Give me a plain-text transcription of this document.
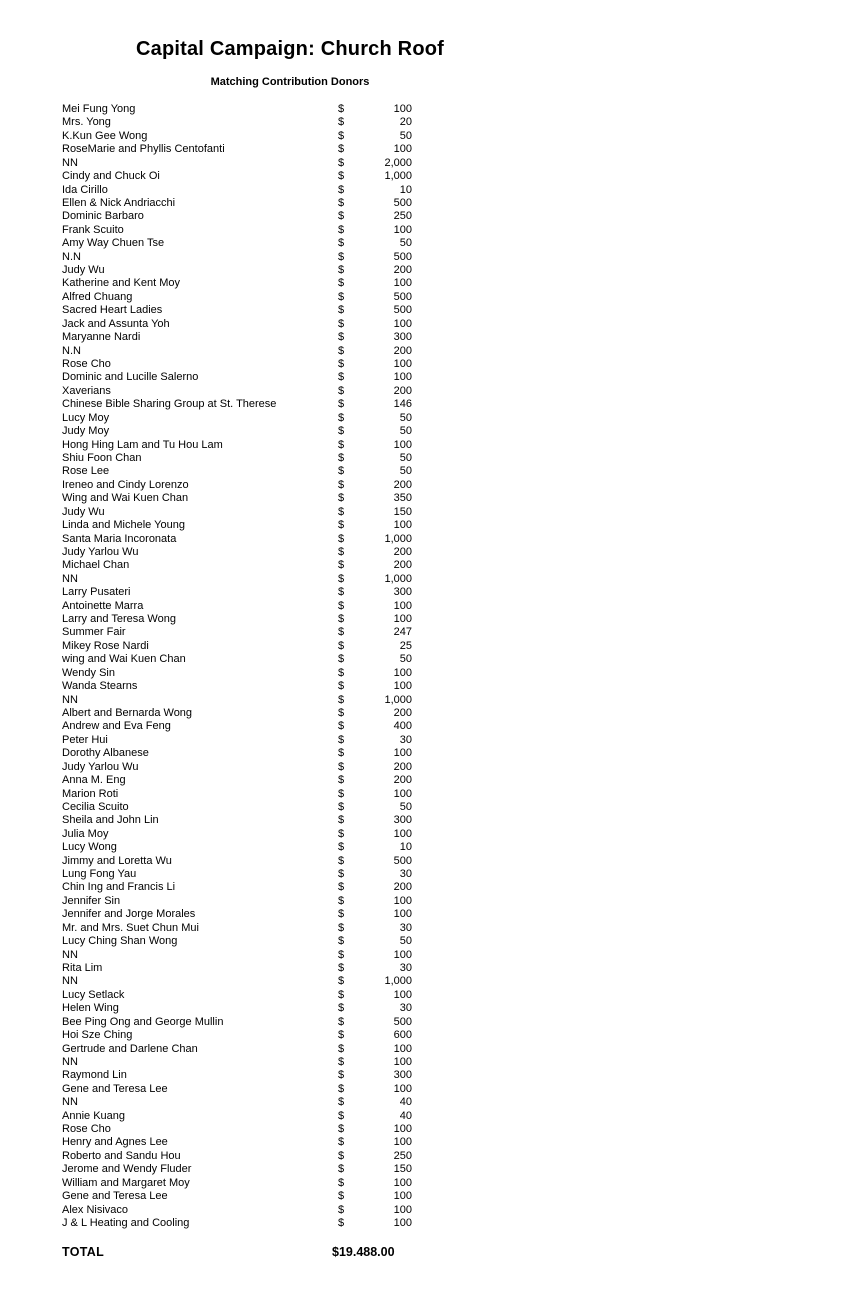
Capital Campaign: Church Roof
Matching Contribution Donors
Mei Fung Yong	$	100
Mrs. Yong	$	20
K.Kun Gee Wong	$	50
RoseMarie and Phyllis Centofanti	$	100
NN	$	2,000
Cindy and Chuck Oi	$	1,000
Ida Cirillo	$	10
Ellen & Nick Andriacchi	$	500
Dominic Barbaro	$	250
Frank Scuito	$	100
Amy Way Chuen Tse	$	50
N.N	$	500
Judy Wu	$	200
Katherine and Kent Moy	$	100
Alfred Chuang	$	500
Sacred Heart Ladies	$	500
Jack and Assunta Yoh	$	100
Maryanne Nardi	$	300
N.N	$	200
Rose Cho	$	100
Dominic and Lucille Salerno	$	100
Xaverians	$	200
Chinese Bible Sharing Group at St. Therese	$	146
Lucy Moy	$	50
Judy Moy	$	50
Hong Hing Lam and Tu Hou Lam	$	100
Shiu Foon Chan	$	50
Rose Lee	$	50
Ireneo and Cindy Lorenzo	$	200
Wing and Wai Kuen Chan	$	350
Judy Wu	$	150
Linda and Michele Young	$	100
Santa Maria Incoronata	$	1,000
Judy Yarlou Wu	$	200
Michael Chan	$	200
NN	$	1,000
Larry Pusateri	$	300
Antoinette Marra	$	100
Larry and Teresa Wong	$	100
Summer Fair	$	247
Mikey Rose Nardi	$	25
wing and Wai Kuen Chan	$	50
Wendy Sin	$	100
Wanda Stearns	$	100
NN	$	1,000
Albert and Bernarda Wong	$	200
Andrew and Eva Feng	$	400
Peter Hui	$	30
Dorothy Albanese	$	100
Judy Yarlou Wu	$	200
Anna M. Eng	$	200
Marion Roti	$	100
Cecilia Scuito	$	50
Sheila and John Lin	$	300
Julia Moy	$	100
Lucy Wong	$	10
Jimmy and Loretta Wu	$	500
Lung Fong Yau	$	30
Chin Ing and Francis Li	$	200
Jennifer Sin	$	100
Jennifer and Jorge Morales	$	100
Mr. and Mrs. Suet Chun Mui	$	30
Lucy Ching Shan Wong	$	50
NN	$	100
Rita Lim	$	30
NN	$	1,000
Lucy Setlack	$	100
Helen Wing	$	30
Bee Ping Ong and George Mullin	$	500
Hoi Sze Ching	$	600
Gertrude and Darlene Chan	$	100
NN	$	100
Raymond Lin	$	300
Gene and Teresa Lee	$	100
NN	$	40
Annie Kuang	$	40
Rose Cho	$	100
Henry and Agnes Lee	$	100
Roberto and Sandu Hou	$	250
Jerome and Wendy Fluder	$	150
William and Margaret Moy	$	100
Gene and Teresa Lee	$	100
Alex Nisivaco	$	100
J & L Heating and Cooling	$	100
TOTAL	$19.488.00
